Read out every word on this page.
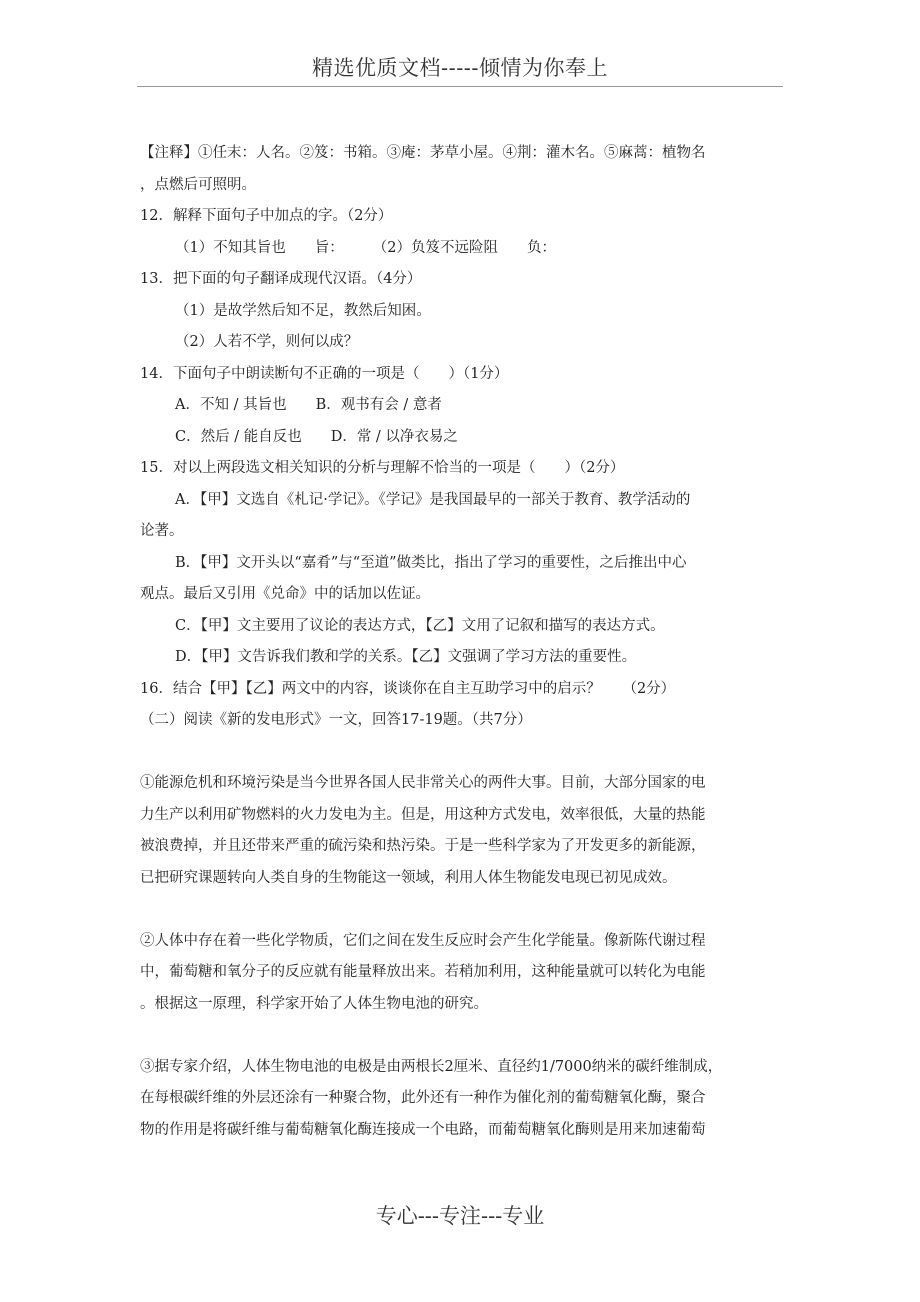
精选优质文档-----倾情为你奉上

【注释】①任末：人名。②笈：书箱。③庵：茅草小屋。④荆：灌木名。⑤麻蒿：植物名

，点燃后可照明。

12．解释下面句子中加点的字。（2分）

（1）不知其旨也　　旨：　　　（2）负笈不远险阻　　负：

13．把下面的句子翻译成现代汉语。（4分）

（1）是故学然后知不足，教然后知困。

（2）人若不学，则何以成？

14．下面句子中朗读断句不正确的一项是（　　）（1分）

A．不知 / 其旨也　　B．观书有会 / 意者

C．然后 / 能自反也　　D．常 / 以净衣易之

15．对以上两段选文相关知识的分析与理解不恰当的一项是（　　）（2分）

A．【甲】文选自《札记·学记》。《学记》是我国最早的一部关于教育、教学活动的

论著。

B．【甲】文开头以“嘉肴”与“至道”做类比，指出了学习的重要性，之后推出中心

观点。最后又引用《兑命》中的话加以佐证。

C．【甲】文主要用了议论的表达方式，【乙】文用了记叙和描写的表达方式。

D．【甲】文告诉我们教和学的关系。【乙】文强调了学习方法的重要性。

16．结合【甲】【乙】两文中的内容，谈谈你在自主互助学习中的启示？　　（2分）

（二）阅读《新的发电形式》一文，回答17-19题。（共7分）

①能源危机和环境污染是当今世界各国人民非常关心的两件大事。目前，大部分国家的电

力生产以利用矿物燃料的火力发电为主。但是，用这种方式发电，效率很低，大量的热能

被浪费掉，并且还带来严重的硫污染和热污染。于是一些科学家为了开发更多的新能源，

已把研究课题转向人类自身的生物能这一领域，利用人体生物能发电现已初见成效。

②人体中存在着一些化学物质，它们之间在发生反应时会产生化学能量。像新陈代谢过程

中，葡萄糖和氧分子的反应就有能量释放出来。若稍加利用，这种能量就可以转化为电能

。根据这一原理，科学家开始了人体生物电池的研究。

③据专家介绍，人体生物电池的电极是由两根长2厘米、直径约1/7000纳米的碳纤维制成，

在每根碳纤维的外层还涂有一种聚合物，此外还有一种作为催化剂的葡萄糖氧化酶，聚合

物的作用是将碳纤维与葡萄糖氧化酶连接成一个电路，而葡萄糖氧化酶则是用来加速葡萄

专心---专注---专业
